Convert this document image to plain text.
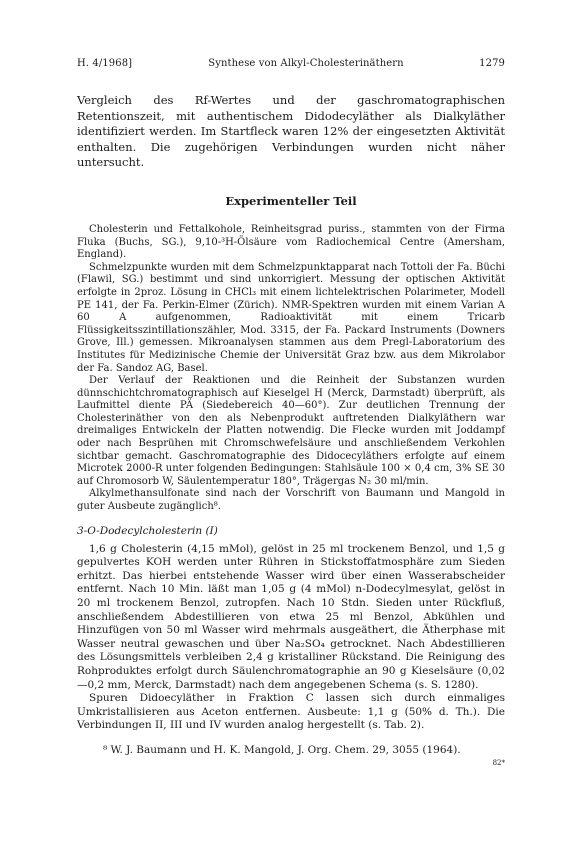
H. 4/1968]	Synthese von Alkyl-Cholesterinäthern	1279

Vergleich des Rf-Wertes und der gaschromatographischen Retentionszeit, mit authentischem Didodecyläther als Dialkyläther identifiziert werden. Im Startfleck waren 12% der eingesetzten Aktivität enthalten. Die zugehörigen Verbindungen wurden nicht näher untersucht.

Experimenteller Teil

Cholesterin und Fettalkohole, Reinheitsgrad puriss., stammten von der Firma Fluka (Buchs, SG.), 9,10-³H-Ölsäure vom Radiochemical Centre (Amersham, England).

Schmelzpunkte wurden mit dem Schmelzpunktapparat nach Tottoli der Fa. Büchi (Flawil, SG.) bestimmt und sind unkorrigiert. Messung der optischen Aktivität erfolgte in 2proz. Lösung in CHCl₃ mit einem lichtelektrischen Polarimeter, Modell PE 141, der Fa. Perkin-Elmer (Zürich). NMR-Spektren wurden mit einem Varian A 60 A aufgenommen, Radioaktivität mit einem Tricarb Flüssigkeitsszintillationszähler, Mod. 3315, der Fa. Packard Instruments (Downers Grove, Ill.) gemessen. Mikroanalysen stammen aus dem Pregl-Laboratorium des Institutes für Medizinische Chemie der Universität Graz bzw. aus dem Mikrolabor der Fa. Sandoz AG, Basel.

Der Verlauf der Reaktionen und die Reinheit der Substanzen wurden dünnschichtchromatographisch auf Kieselgel H (Merck, Darmstadt) überprüft, als Laufmittel diente PÄ (Siedebereich 40—60°). Zur deutlichen Trennung der Cholesterinäther von den als Nebenprodukt auftretenden Dialkyläthern war dreimaliges Entwickeln der Platten notwendig. Die Flecke wurden mit Joddampf oder nach Besprühen mit Chromschwefelsäure und anschließendem Verkohlen sichtbar gemacht. Gaschromatographie des Didocecyläthers erfolgte auf einem Microtek 2000-R unter folgenden Bedingungen: Stahlsäule 100 × 0,4 cm, 3% SE 30 auf Chromosorb W, Säulentemperatur 180°, Trägergas N₂ 30 ml/min.

Alkylmethansulfonate sind nach der Vorschrift von Baumann und Mangold in guter Ausbeute zugänglich⁸.

3-O-Dodecylcholesterin (I)

1,6 g Cholesterin (4,15 mMol), gelöst in 25 ml trockenem Benzol, und 1,5 g gepulvertes KOH werden unter Rühren in Stickstoffatmosphäre zum Sieden erhitzt. Das hierbei entstehende Wasser wird über einen Wasserabscheider entfernt. Nach 10 Min. läßt man 1,05 g (4 mMol) n-Dodecylmesylat, gelöst in 20 ml trockenem Benzol, zutropfen. Nach 10 Stdn. Sieden unter Rückfluß, anschließendem Abdestillieren von etwa 25 ml Benzol, Abkühlen und Hinzufügen von 50 ml Wasser wird mehrmals ausgeäthert, die Ätherphase mit Wasser neutral gewaschen und über Na₂SO₄ getrocknet. Nach Abdestillieren des Lösungsmittels verbleiben 2,4 g kristalliner Rückstand. Die Reinigung des Rohproduktes erfolgt durch Säulenchromatographie an 90 g Kieselsäure (0,02—0,2 mm, Merck, Darmstadt) nach dem angegebenen Schema (s. S. 1280).

Spuren Didoecyläther in Fraktion C lassen sich durch einmaliges Umkristallisieren aus Aceton entfernen. Ausbeute: 1,1 g (50% d. Th.). Die Verbindungen II, III und IV wurden analog hergestellt (s. Tab. 2).

⁸ W. J. Baumann und H. K. Mangold, J. Org. Chem. 29, 3055 (1964).
82*
